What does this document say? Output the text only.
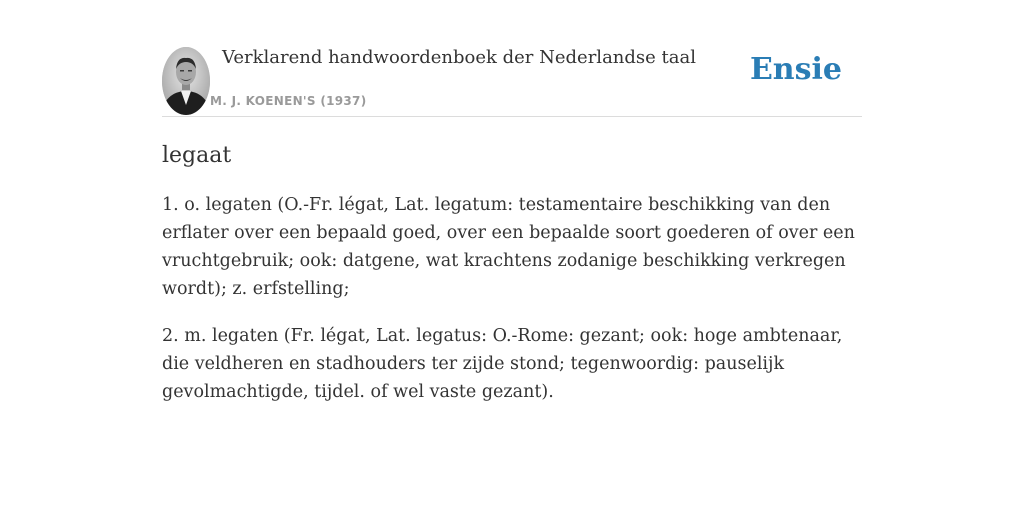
Verklarend handwoordenboek der Nederlandse taal
M. J. KOENEN'S (1937)
Ensie
legaat

1. o. legaten (O.-Fr. légat, Lat. legatum: testamentaire beschikking van den erflater over een bepaald goed, over een bepaalde soort goederen of over een vruchtgebruik; ook: datgene, wat krachtens zodanige beschikking verkregen wordt); z. erfstelling;

2. m. legaten (Fr. légat, Lat. legatus: O.-Rome: gezant; ook: hoge ambtenaar, die veldheren en stadhouders ter zijde stond; tegenwoordig: pauselijk gevolmachtigde, tijdel. of wel vaste gezant).
